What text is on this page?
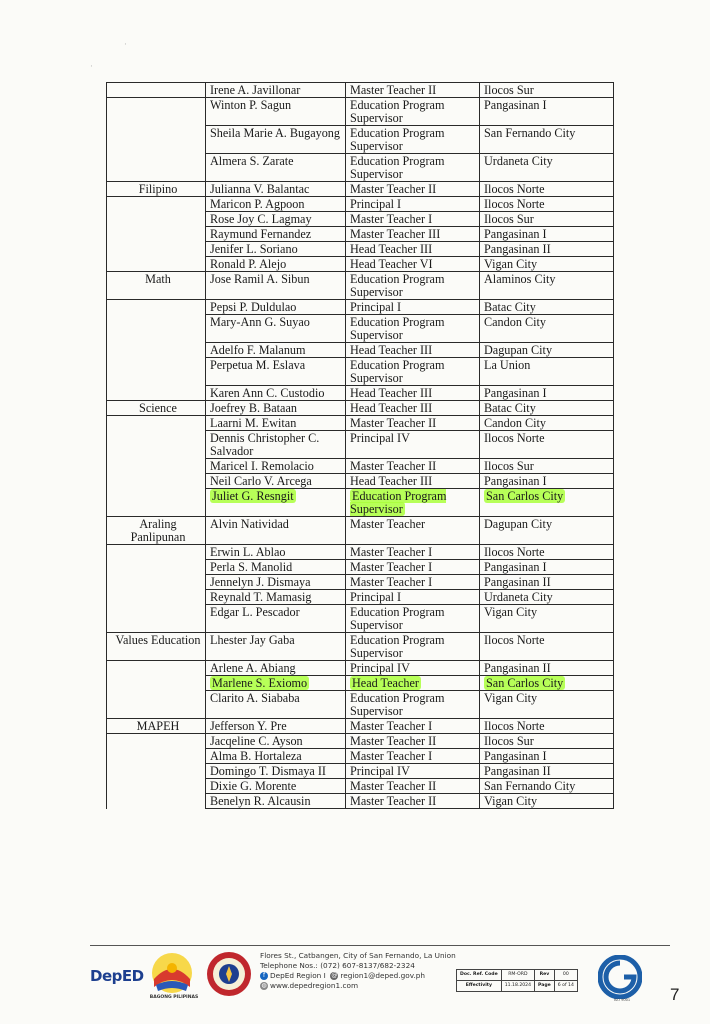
·
·
	Irene A. Javillonar	Master Teacher II	Ilocos Sur
	Winton P. Sagun	Education Program Supervisor	Pangasinan I
	Sheila Marie A. Bugayong	Education Program Supervisor	San Fernando City
	Almera S. Zarate	Education Program Supervisor	Urdaneta City
Filipino	Julianna V. Balantac	Master Teacher II	Ilocos Norte
	Maricon P. Agpoon	Principal I	Ilocos Norte
	Rose Joy C. Lagmay	Master Teacher I	Ilocos Sur
	Raymund Fernandez	Master Teacher III	Pangasinan I
	Jenifer L. Soriano	Head Teacher III	Pangasinan II
	Ronald P. Alejo	Head Teacher VI	Vigan City
Math	Jose Ramil A. Sibun	Education Program Supervisor	Alaminos City
	Pepsi P. Duldulao	Principal I	Batac City
	Mary-Ann G. Suyao	Education Program Supervisor	Candon City
	Adelfo F. Malanum	Head Teacher III	Dagupan City
	Perpetua M. Eslava	Education Program Supervisor	La Union
	Karen Ann C. Custodio	Head Teacher III	Pangasinan I
Science	Joefrey B. Bataan	Head Teacher III	Batac City
	Laarni M. Ewitan	Master Teacher II	Candon City
	Dennis Christopher C. Salvador	Principal IV	Ilocos Norte
	Maricel I. Remolacio	Master Teacher II	Ilocos Sur
	Neil Carlo V. Arcega	Head Teacher III	Pangasinan I
	Juliet G. Resngit	Education Program Supervisor	San Carlos City
Araling Panlipunan	Alvin Natividad	Master Teacher	Dagupan City
	Erwin L. Ablao	Master Teacher I	Ilocos Norte
	Perla S. Manolid	Master Teacher I	Pangasinan I
	Jennelyn J. Dismaya	Master Teacher I	Pangasinan II
	Reynald T. Mamasig	Principal I	Urdaneta City
	Edgar L. Pescador	Education Program Supervisor	Vigan City
Values Education	Lhester Jay Gaba	Education Program Supervisor	Ilocos Norte
	Arlene A. Abiang	Principal IV	Pangasinan II
	Marlene S. Exiomo	Head Teacher	San Carlos City
	Clarito A. Siababa	Education Program Supervisor	Vigan City
MAPEH	Jefferson Y. Pre	Master Teacher I	Ilocos Norte
	Jacqeline C. Ayson	Master Teacher II	Ilocos Sur
	Alma B. Hortaleza	Master Teacher I	Pangasinan I
	Domingo T. Dismaya II	Principal IV	Pangasinan II
	Dixie G. Morente	Master Teacher II	San Fernando City
	Benelyn R. Alcausin	Master Teacher II	Vigan City
DepED
BAGONG PILIPINAS
Flores St., Catbangen, City of San Fernando, La Union
Telephone Nos.: (072) 607-8137/682-2324
f DepEd Region I @ region1@deped.gov.ph
◍ www.depedregion1.com
Doc. Ref. Code	RM-ORD	Rev	00
Effectivity	11.18.2024	Page	6 of 14
ISO 9001	7
